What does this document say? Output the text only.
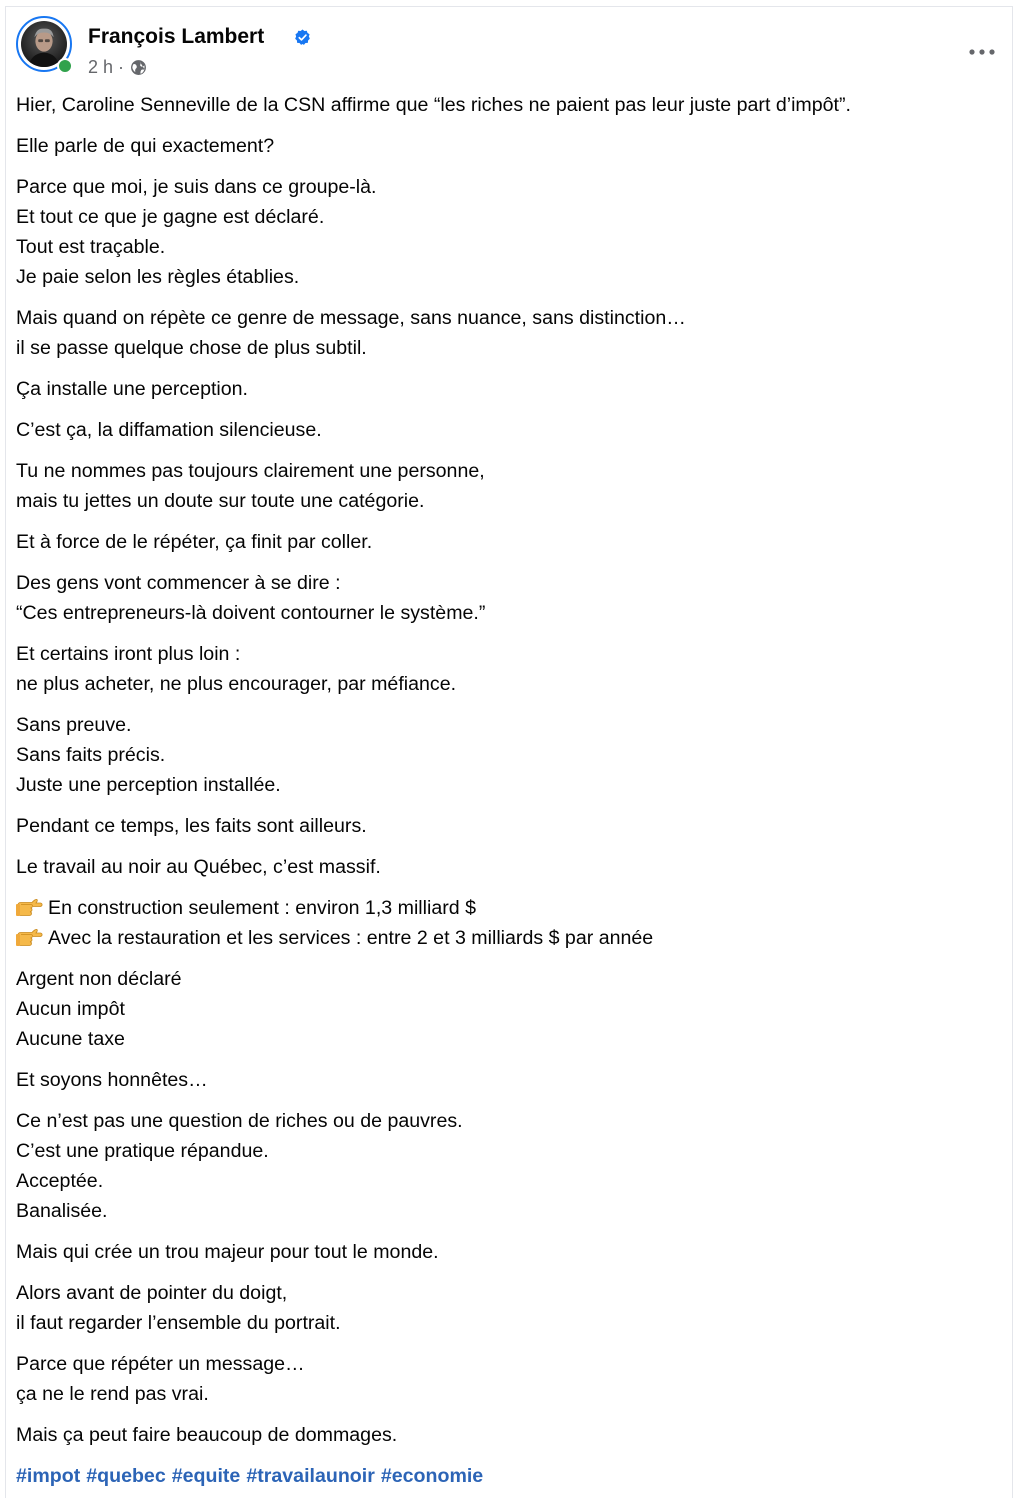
François Lambert
2 h ·
Hier, Caroline Senneville de la CSN affirme que “les riches ne paient pas leur juste part d’impôt”.
Elle parle de qui exactement?
Parce que moi, je suis dans ce groupe-là.
Et tout ce que je gagne est déclaré.
Tout est traçable.
Je paie selon les règles établies.
Mais quand on répète ce genre de message, sans nuance, sans distinction…
il se passe quelque chose de plus subtil.
Ça installe une perception.
C’est ça, la diffamation silencieuse.
Tu ne nommes pas toujours clairement une personne,
mais tu jettes un doute sur toute une catégorie.
Et à force de le répéter, ça finit par coller.
Des gens vont commencer à se dire :
“Ces entrepreneurs-là doivent contourner le système.”
Et certains iront plus loin :
ne plus acheter, ne plus encourager, par méfiance.
Sans preuve.
Sans faits précis.
Juste une perception installée.
Pendant ce temps, les faits sont ailleurs.
Le travail au noir au Québec, c’est massif.
En construction seulement : environ 1,3 milliard $
Avec la restauration et les services : entre 2 et 3 milliards $ par année
Argent non déclaré
Aucun impôt
Aucune taxe
Et soyons honnêtes…
Ce n’est pas une question de riches ou de pauvres.
C’est une pratique répandue.
Acceptée.
Banalisée.
Mais qui crée un trou majeur pour tout le monde.
Alors avant de pointer du doigt,
il faut regarder l’ensemble du portrait.
Parce que répéter un message…
ça ne le rend pas vrai.
Mais ça peut faire beaucoup de dommages.
#impot #quebec #equite #travailaunoir #economie
